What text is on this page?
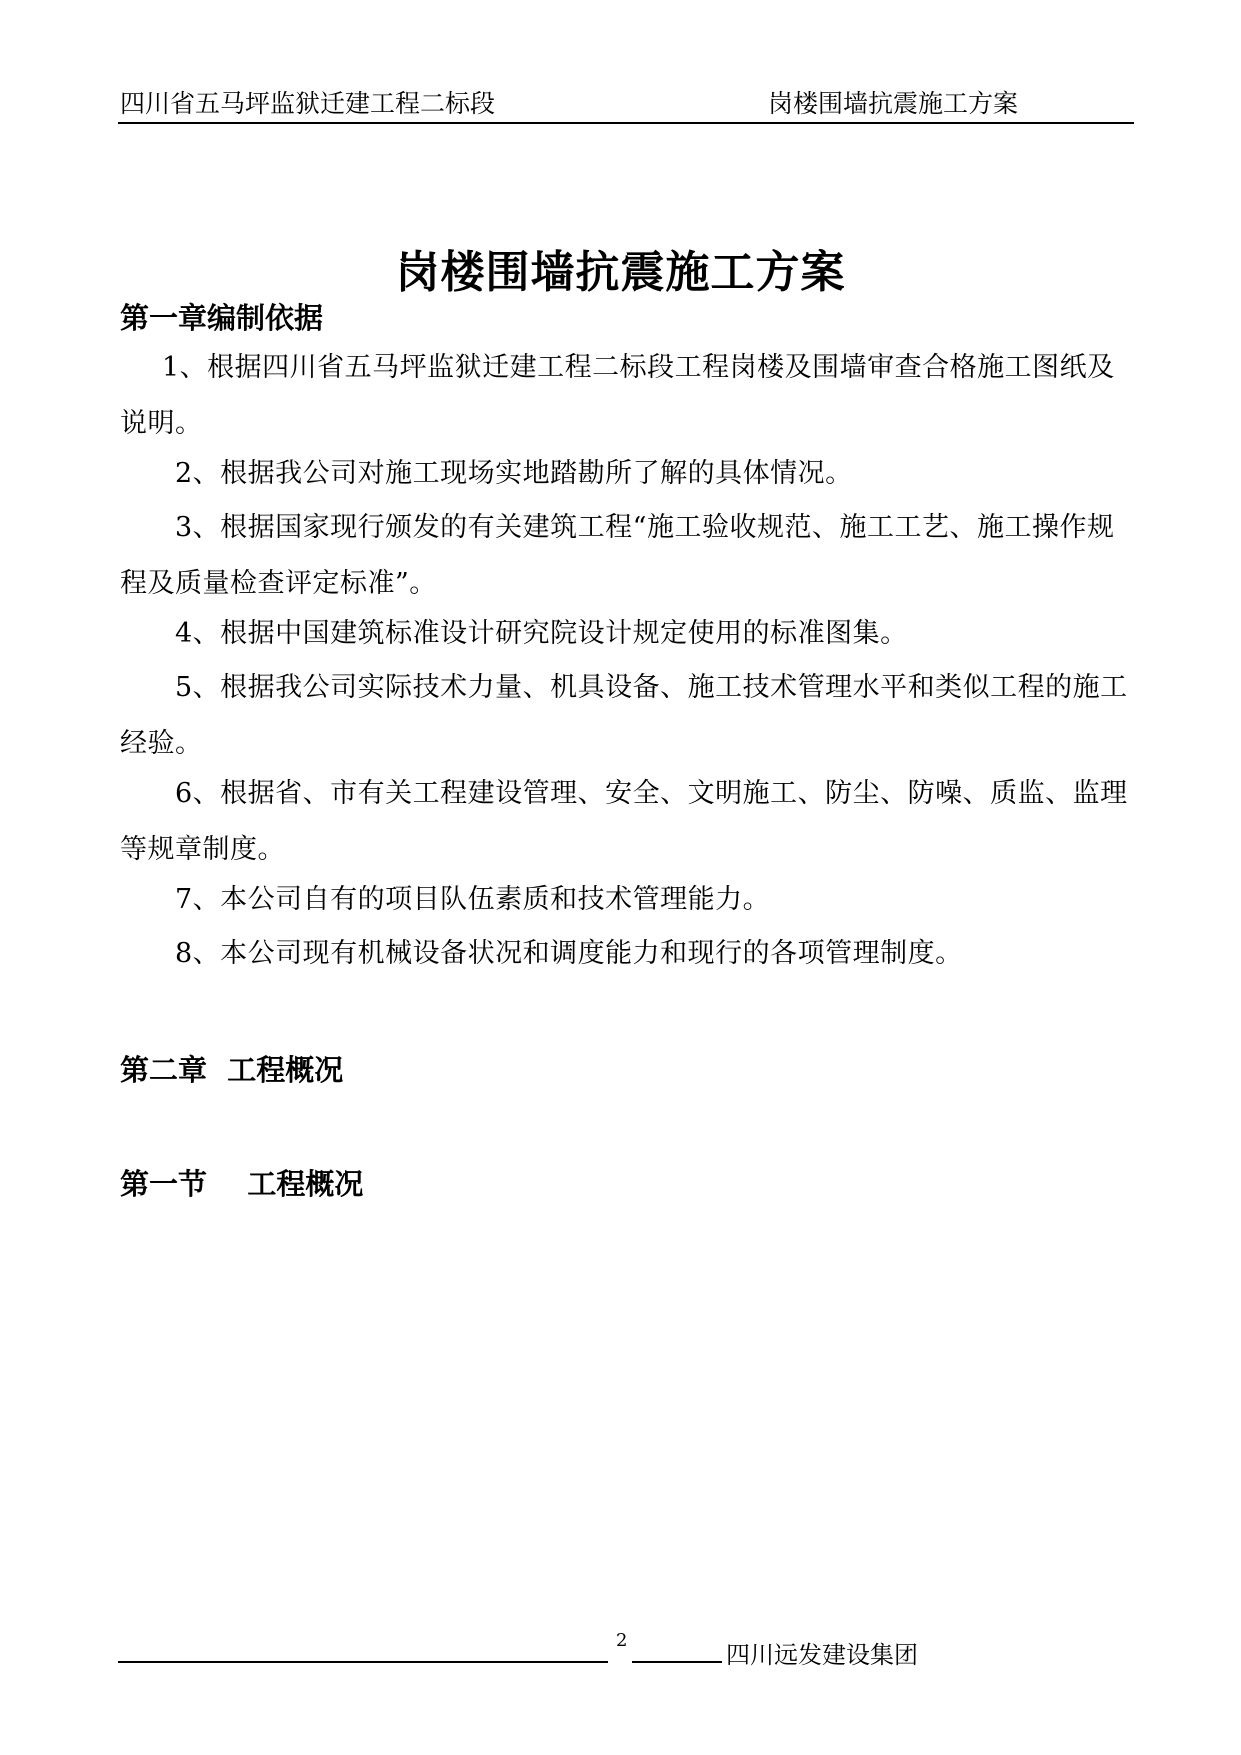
四川省五马坪监狱迁建工程二标段	岗楼围墙抗震施工方案
岗楼围墙抗震施工方案
第一章编制依据
1、根据四川省五马坪监狱迁建工程二标段工程岗楼及围墙审查合格施工图纸及说明。
2、根据我公司对施工现场实地踏勘所了解的具体情况。
3、根据国家现行颁发的有关建筑工程“施工验收规范、施工工艺、施工操作规程及质量检查评定标准”。
4、根据中国建筑标准设计研究院设计规定使用的标准图集。
5、根据我公司实际技术力量、机具设备、施工技术管理水平和类似工程的施工经验。
6、根据省、市有关工程建设管理、安全、文明施工、防尘、防噪、质监、监理等规章制度。
7、本公司自有的项目队伍素质和技术管理能力。
8、本公司现有机械设备状况和调度能力和现行的各项管理制度。
第二章  工程概况
第一节    工程概况
2
四川远发建设集团
